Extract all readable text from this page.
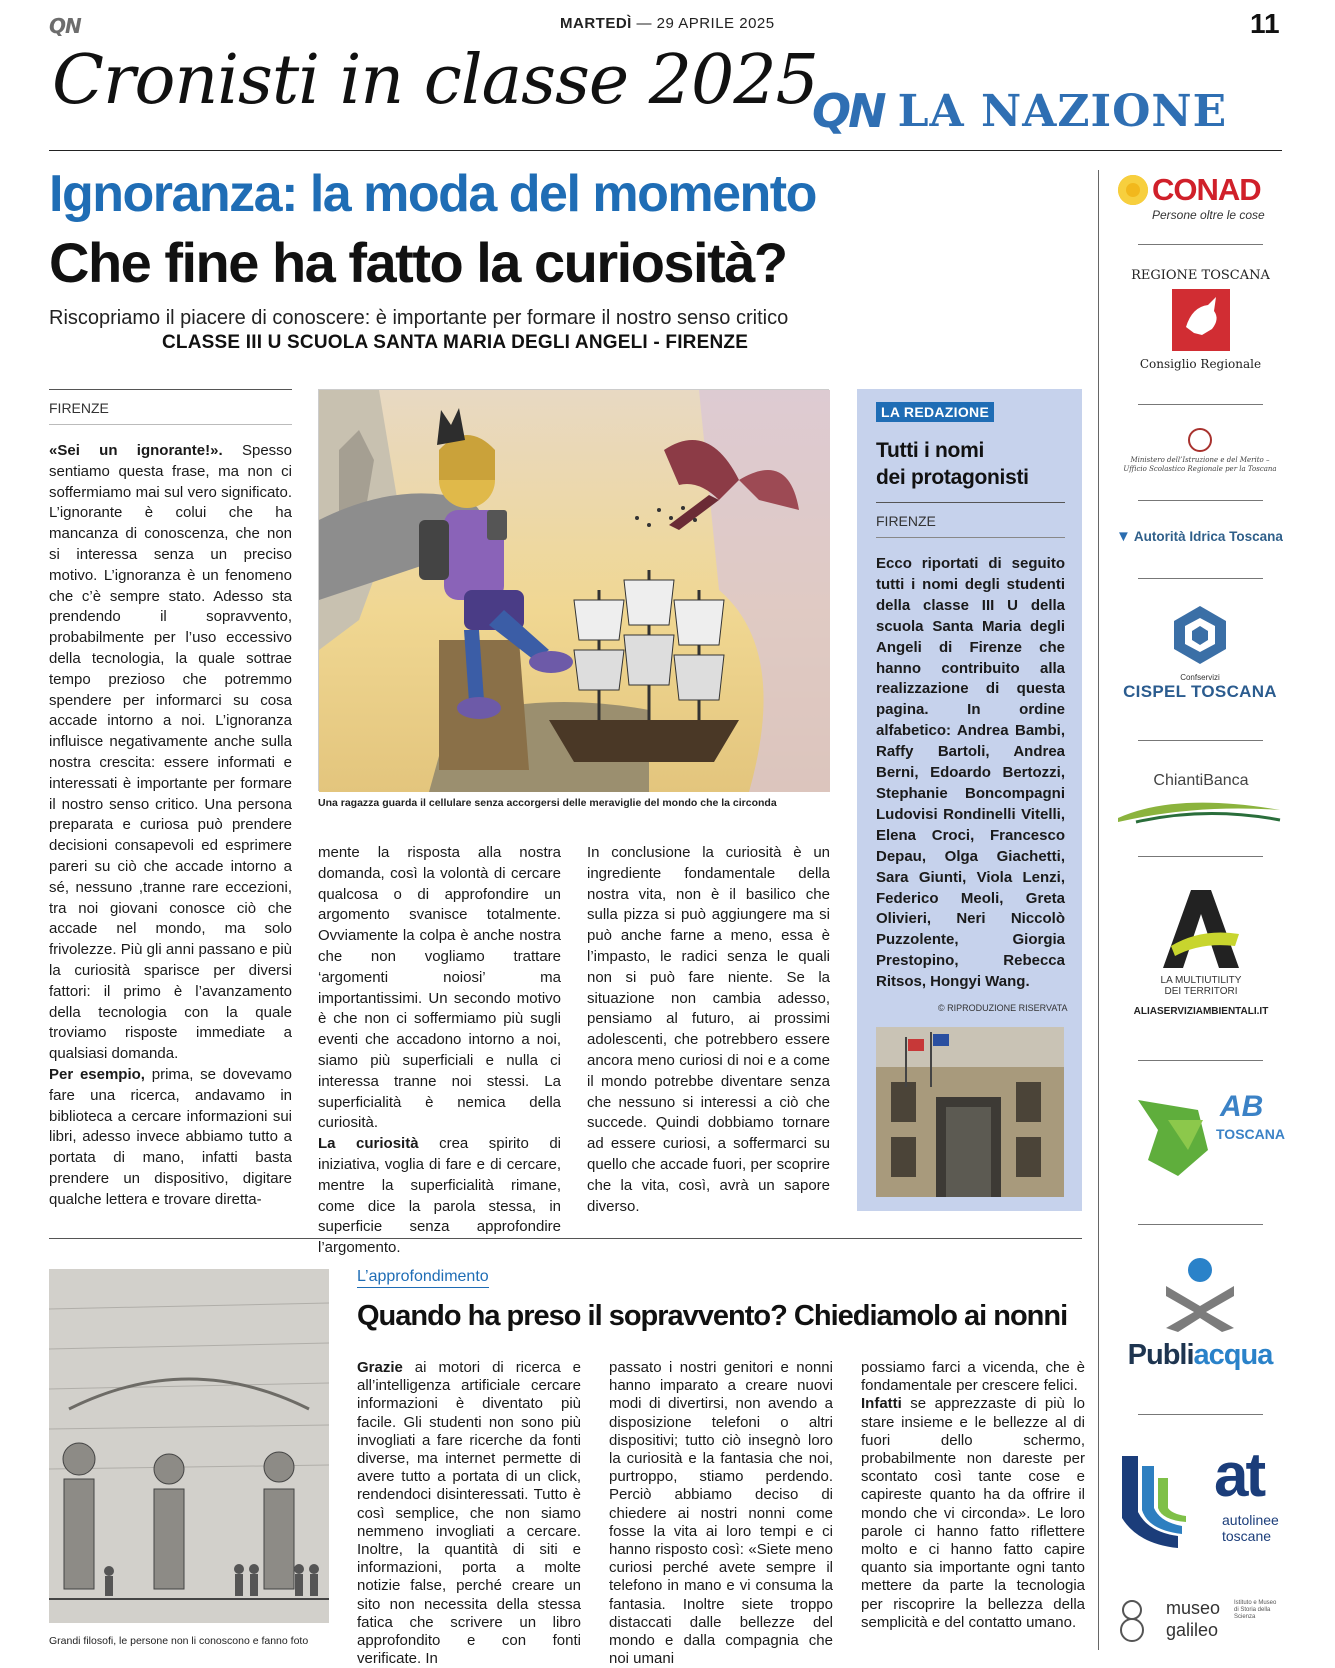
QN	MARTEDÌ — 29 APRILE 2025	11
Cronisti in classe 2025
QN LA NAZIONE
Ignoranza: la moda del momento
Che fine ha fatto la curiosità?
Riscopriamo il piacere di conoscere: è importante per formare il nostro senso critico
CLASSE III U SCUOLA SANTA MARIA DEGLI ANGELI - FIRENZE
FIRENZE

«Sei un ignorante!». Spesso sentiamo questa frase, ma non ci soffermiamo mai sul vero significato. L’ignorante è colui che ha mancanza di conoscenza, che non si interessa senza un preciso motivo. L’ignoranza è un fenomeno che c’è sempre stato. Adesso sta prendendo il sopravvento, probabilmente per l’uso eccessivo della tecnologia, la quale sottrae tempo prezioso che potremmo spendere per informarci su cosa accade intorno a noi. L’ignoranza influisce negativamente anche sulla nostra crescita: essere informati e interessati è importante per formare il nostro senso critico. Una persona preparata e curiosa può prendere decisioni consapevoli ed esprimere pareri su ciò che accade intorno a sé, nessuno ,tranne rare eccezioni, tra noi giovani conosce ciò che accade nel mondo, ma solo frivolezze. Più gli anni passano e più la curiosità sparisce per diversi fattori: il primo è l’avanzamento della tecnologia con la quale troviamo risposte immediate a qualsiasi domanda.

Per esempio, prima, se dovevamo fare una ricerca, andavamo in biblioteca a cercare informazioni sui libri, adesso invece abbiamo tutto a portata di mano, infatti basta prendere un dispositivo, digitare qualche lettera e trovare diretta-

Una ragazza guarda il cellulare senza accorgersi delle meraviglie del mondo che la circonda

mente la risposta alla nostra domanda, così la volontà di cercare qualcosa o di approfondire un argomento svanisce totalmente. Ovviamente la colpa è anche nostra che non vogliamo trattare ‘argomenti noiosi’ ma importantissimi. Un secondo motivo è che non ci soffermiamo più sugli eventi che accadono intorno a noi, siamo più superficiali e nulla ci interessa tranne noi stessi. La superficialità è nemica della curiosità.

La curiosità crea spirito di iniziativa, voglia di fare e di cercare, mentre la superficialità rimane, come dice la parola stessa, in superficie senza approfondire l’argomento.

In conclusione la curiosità è un ingrediente fondamentale della nostra vita, non è il basilico che sulla pizza si può aggiungere ma si può anche farne a meno, essa è l’impasto, le radici senza le quali non si può fare niente. Se la situazione non cambia adesso, pensiamo al futuro, ai prossimi adolescenti, che potrebbero essere ancora meno curiosi di noi e a come il mondo potrebbe diventare senza che nessuno si interessi a ciò che succede. Quindi dobbiamo tornare ad essere curiosi, a soffermarci su quello che accade fuori, per scoprire che la vita, così, avrà un sapore diverso.

LA REDAZIONE
Tutti i nomi
dei protagonisti
FIRENZE

Ecco riportati di seguito tutti i nomi degli studenti della classe III U della scuola Santa Maria degli Angeli di Firenze che hanno contribuito alla realizzazione di questa pagina. In ordine alfabetico: Andrea Bambi, Raffy Bartoli, Andrea Berni, Edoardo Bertozzi, Stephanie Boncompagni Ludovisi Rondinelli Vitelli, Elena Croci, Francesco Depau, Olga Giachetti, Sara Giunti, Viola Lenzi, Federico Meoli, Greta Olivieri, Neri Niccolò Puzzolente, Giorgia Prestopino, Rebecca Ritsos, Hongyi Wang.

© RIPRODUZIONE RISERVATA
Grandi filosofi, le persone non li conoscono e fanno foto
L’approfondimento
Quando ha preso il sopravvento? Chiediamolo ai nonni

Grazie ai motori di ricerca e all’intelligenza artificiale cercare informazioni è diventato più facile. Gli studenti non sono più invogliati a fare ricerche da fonti diverse, ma internet permette di avere tutto a portata di un click, rendendoci disinteressati. Tutto è così semplice, che non siamo nemmeno invogliati a cercare. Inoltre, la quantità di siti e informazioni, porta a molte notizie false, perché creare un sito non necessita della stessa fatica che scrivere un libro approfondito e con fonti verificate. In

passato i nostri genitori e nonni hanno imparato a creare nuovi modi di divertirsi, non avendo a disposizione telefoni o altri dispositivi; tutto ciò insegnò loro la curiosità e la fantasia che noi, purtroppo, stiamo perdendo. Perciò abbiamo deciso di chiedere ai nostri nonni come fosse la vita ai loro tempi e ci hanno risposto così: «Siete meno curiosi perché avete sempre il telefono in mano e vi consuma la fantasia. Inoltre siete troppo distaccati dalle bellezze del mondo e dalla compagnia che noi umani

possiamo farci a vicenda, che è fondamentale per crescere felici.

Infatti se apprezzaste di più lo stare insieme e le bellezze al di fuori dello schermo, probabilmente non dareste per scontato così tante cose e capireste quanto ha da offrire il mondo che vi circonda». Le loro parole ci hanno fatto riflettere molto e ci hanno fatto capire quanto sia importante ogni tanto mettere da parte la tecnologia per riscoprire la bellezza della semplicità e del contatto umano.

CONAD
Persone oltre le cose
REGIONE TOSCANA
Consiglio Regionale
Ministero dell’Istruzione e del Merito – Ufficio Scolastico Regionale per la Toscana
▼ Autorità Idrica Toscana
Confservizi
CISPEL TOSCANA
ChiantiBanca
LA MULTIUTILITY
DEI TERRITORI
ALIASERVIZIAMBIENTALI.IT
AB
TOSCANA
Publiacqua
at
autolinee
toscane
museo
galileo
Istituto e Museo di Storia della Scienza
